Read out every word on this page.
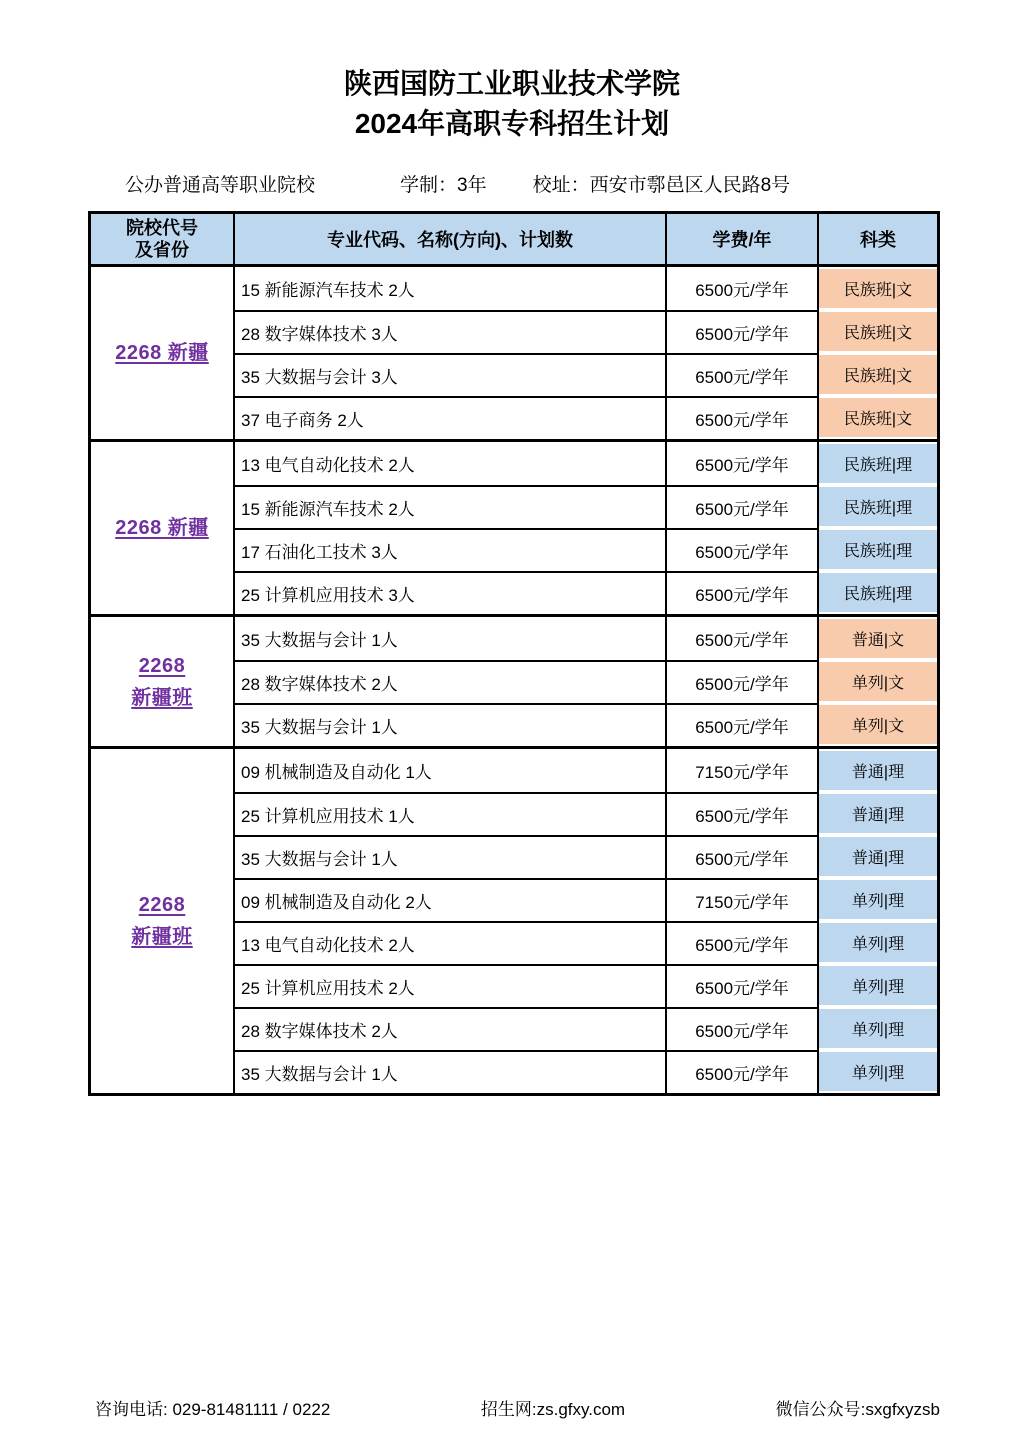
陕西国防工业职业技术学院
2024年高职专科招生计划
公办普通高等职业院校	学制：3年 校址：西安市鄠邑区人民路8号
院校代号
及省份	专业代码、名称(方向)、计划数	学费/年	科类
2268 新疆
15 新能源汽车技术 2人	6500元/学年	民族班|文
28 数字媒体技术 3人	6500元/学年	民族班|文
35 大数据与会计 3人	6500元/学年	民族班|文
37 电子商务 2人	6500元/学年	民族班|文
2268 新疆
13 电气自动化技术 2人	6500元/学年	民族班|理
15 新能源汽车技术 2人	6500元/学年	民族班|理
17 石油化工技术 3人	6500元/学年	民族班|理
25 计算机应用技术 3人	6500元/学年	民族班|理
2268
新疆班
35 大数据与会计 1人	6500元/学年	普通|文
28 数字媒体技术 2人	6500元/学年	单列|文
35 大数据与会计 1人	6500元/学年	单列|文
2268
新疆班
09 机械制造及自动化 1人	7150元/学年	普通|理
25 计算机应用技术 1人	6500元/学年	普通|理
35 大数据与会计 1人	6500元/学年	普通|理
09 机械制造及自动化 2人	7150元/学年	单列|理
13 电气自动化技术 2人	6500元/学年	单列|理
25 计算机应用技术 2人	6500元/学年	单列|理
28 数字媒体技术 2人	6500元/学年	单列|理
35 大数据与会计 1人	6500元/学年	单列|理
咨询电话: 029-81481111 / 0222	招生网:zs.gfxy.com	微信公众号:sxgfxyzsb
